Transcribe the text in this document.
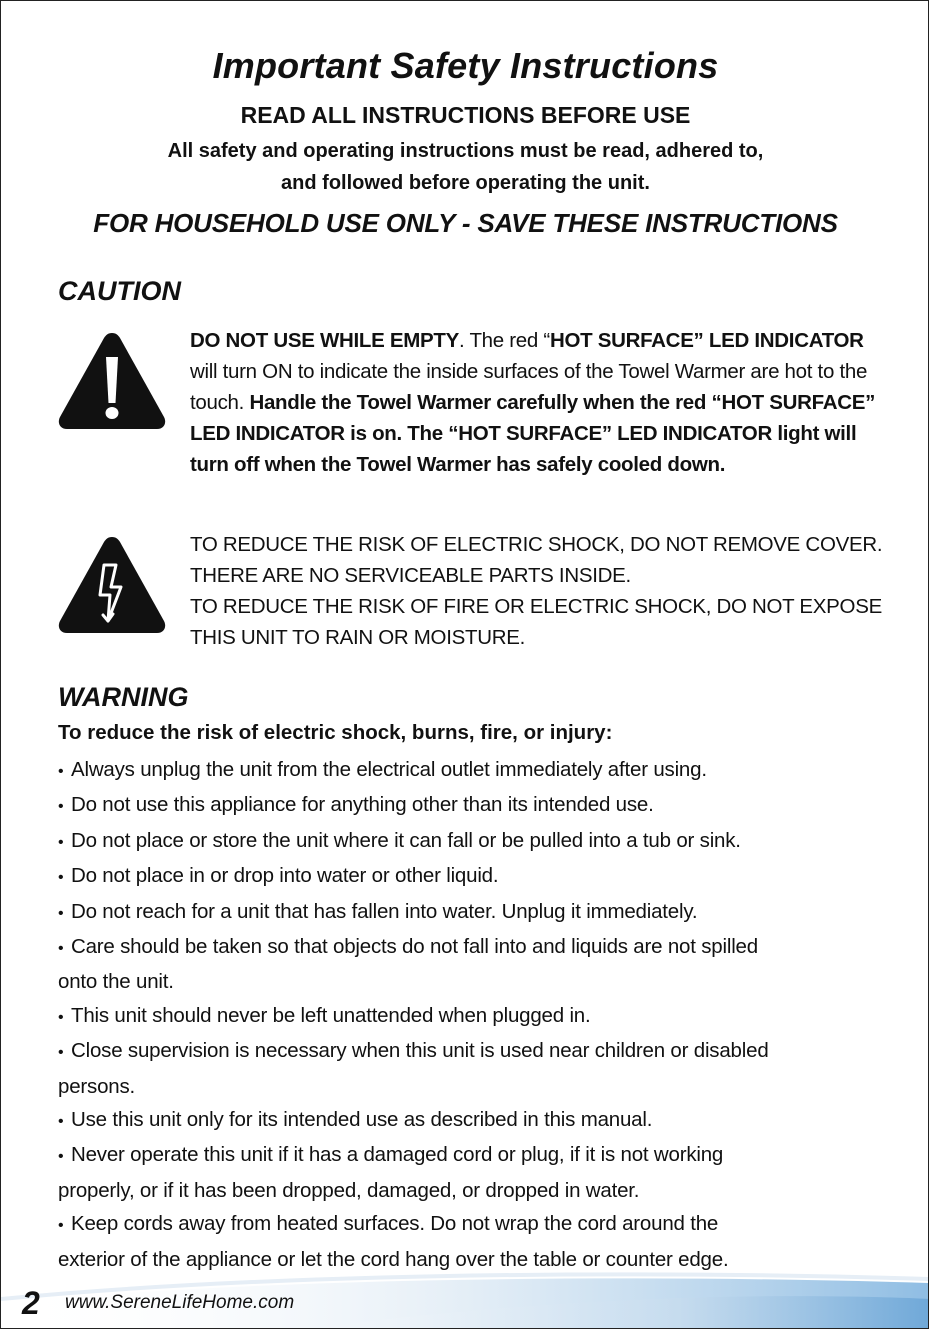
Important Safety Instructions
READ ALL INSTRUCTIONS BEFORE USE
All safety and operating instructions must be read, adhered to,
and followed before operating the unit.
FOR HOUSEHOLD USE ONLY - SAVE THESE INSTRUCTIONS
CAUTION
DO NOT USE WHILE EMPTY. The red “HOT SURFACE” LED INDICATOR will turn ON to indicate the inside surfaces of the Towel Warmer are hot to the touch. Handle the Towel Warmer carefully when the red “HOT SURFACE” LED INDICATOR is on. The “HOT SURFACE” LED INDICATOR light will turn off when the Towel Warmer has safely cooled down.
TO REDUCE THE RISK OF ELECTRIC SHOCK, DO NOT REMOVE COVER.
THERE ARE NO SERVICEABLE PARTS INSIDE.
TO REDUCE THE RISK OF FIRE OR ELECTRIC SHOCK, DO NOT EXPOSE
THIS UNIT TO RAIN OR MOISTURE.
WARNING
To reduce the risk of electric shock, burns, fire, or injury:
• Always unplug the unit from the electrical outlet immediately after using.
• Do not use this appliance for anything other than its intended use.
• Do not place or store the unit where it can fall or be pulled into a tub or sink.
• Do not place in or drop into water or other liquid.
• Do not reach for a unit that has fallen into water. Unplug it immediately.
• Care should be taken so that objects do not fall into and liquids are not spilled
onto the unit.
• This unit should never be left unattended when plugged in.
• Close supervision is necessary when this unit is used near children or disabled
persons.
• Use this unit only for its intended use as described in this manual.
• Never operate this unit if it has a damaged cord or plug, if it is not working
properly, or if it has been dropped, damaged, or dropped in water.
• Keep cords away from heated surfaces. Do not wrap the cord around the
exterior of the appliance or let the cord hang over the table or counter edge.
2 www.SereneLifeHome.com
